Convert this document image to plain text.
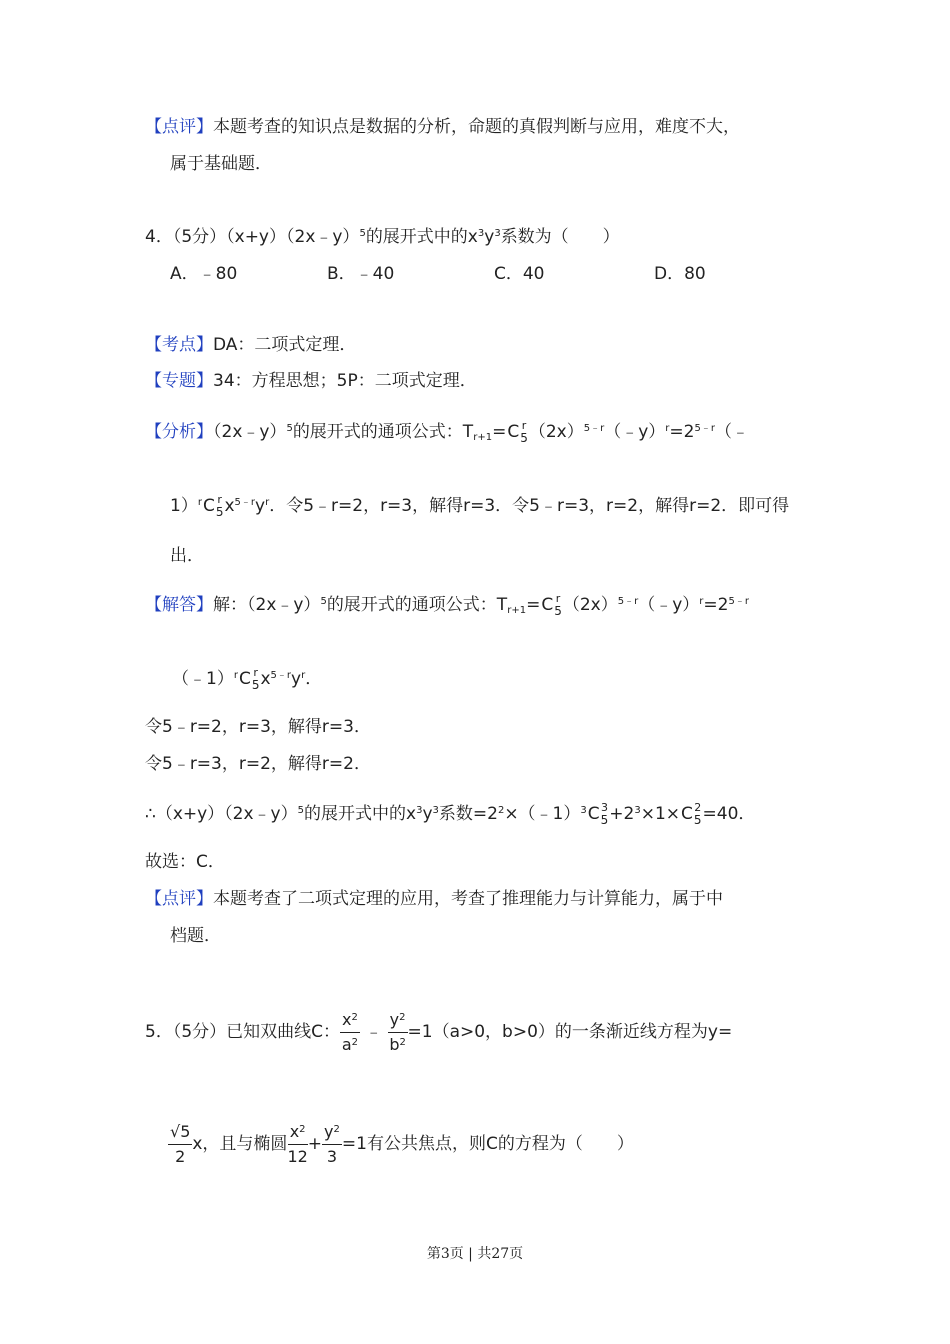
【点评】本题考查的知识点是数据的分析，命题的真假判断与应用，难度不大，
属于基础题．
4．（5分）（x+y）（2x﹣y）$^5$的展开式中的$x^3y^3$系数为（　　）
A．﹣80	B．﹣40	C．40	D．80
【考点】DA：二项式定理．
【专题】34：方程思想；5P：二项式定理．
【分析】（2x﹣y）$^5$的展开式的通项公式：$T_{r+1}= C$ r
5 $(2x)^{5﹣r}(﹣y)^r=2^{5﹣r}(﹣$
1）$^r$ C r
5 $x^{5﹣r}y^r$．令5﹣r=2，r=3，解得r=3．令5﹣r=3，r=2，解得r=2．即可得
出．
【解答】解：（2x﹣y）$^5$的展开式的通项公式：$T_{r+1}= C$ r
5 $(2x)^{5﹣r}(﹣y)^r=2^{5﹣r}$
（﹣1）$^r$ C r
5 $x^{5﹣r}y^r$．
令5﹣r=2，r=3，解得r=3．
令5﹣r=3，r=2，解得r=2．
∴（x+y）（2x﹣y）$^5$的展开式中的$x^3y^3$系数$=2^2\times(﹣1)^3$ C 3
$5 +2^3\times 1\times C$ 2
5 =40．
故选：C．
【点评】本题考查了二项式定理的应用，考查了推理能力与计算能力，属于中
档题．
5．（5分）已知双曲线C： $\frac{x^2}{a^2}$ ﹣ $\frac{y^2}{b^2} =1(a>0$，b>0）的一条渐近线方程为y=
$\frac{√5}{2}$ x，且与椭圆 $\frac{x^2}{12} + \frac{y^2}{3} =1$有公共焦点，则C的方程为（　　）
第3页 | 共27页
